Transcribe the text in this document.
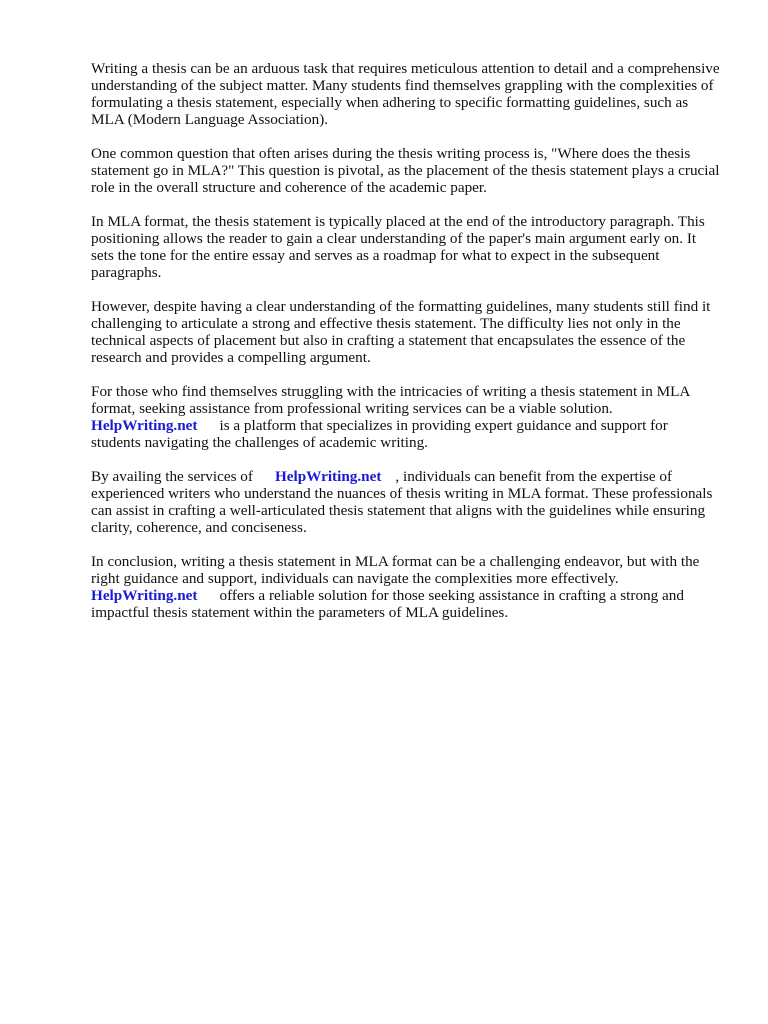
Writing a thesis can be an arduous task that requires meticulous attention to detail and a comprehensive understanding of the subject matter. Many students find themselves grappling with the complexities of formulating a thesis statement, especially when adhering to specific formatting guidelines, such as MLA (Modern Language Association).

One common question that often arises during the thesis writing process is, "Where does the thesis statement go in MLA?" This question is pivotal, as the placement of the thesis statement plays a crucial role in the overall structure and coherence of the academic paper.

In MLA format, the thesis statement is typically placed at the end of the introductory paragraph. This positioning allows the reader to gain a clear understanding of the paper's main argument early on. It sets the tone for the entire essay and serves as a roadmap for what to expect in the subsequent paragraphs.

However, despite having a clear understanding of the formatting guidelines, many students still find it challenging to articulate a strong and effective thesis statement. The difficulty lies not only in the technical aspects of placement but also in crafting a statement that encapsulates the essence of the research and provides a compelling argument.

For those who find themselves struggling with the intricacies of writing a thesis statement in MLA format, seeking assistance from professional writing services can be a viable solution. HelpWriting.net is a platform that specializes in providing expert guidance and support for students navigating the challenges of academic writing.

By availing the services of HelpWriting.net , individuals can benefit from the expertise of experienced writers who understand the nuances of thesis writing in MLA format. These professionals can assist in crafting a well-articulated thesis statement that aligns with the guidelines while ensuring clarity, coherence, and conciseness.

In conclusion, writing a thesis statement in MLA format can be a challenging endeavor, but with the right guidance and support, individuals can navigate the complexities more effectively. HelpWriting.net offers a reliable solution for those seeking assistance in crafting a strong and impactful thesis statement within the parameters of MLA guidelines.
